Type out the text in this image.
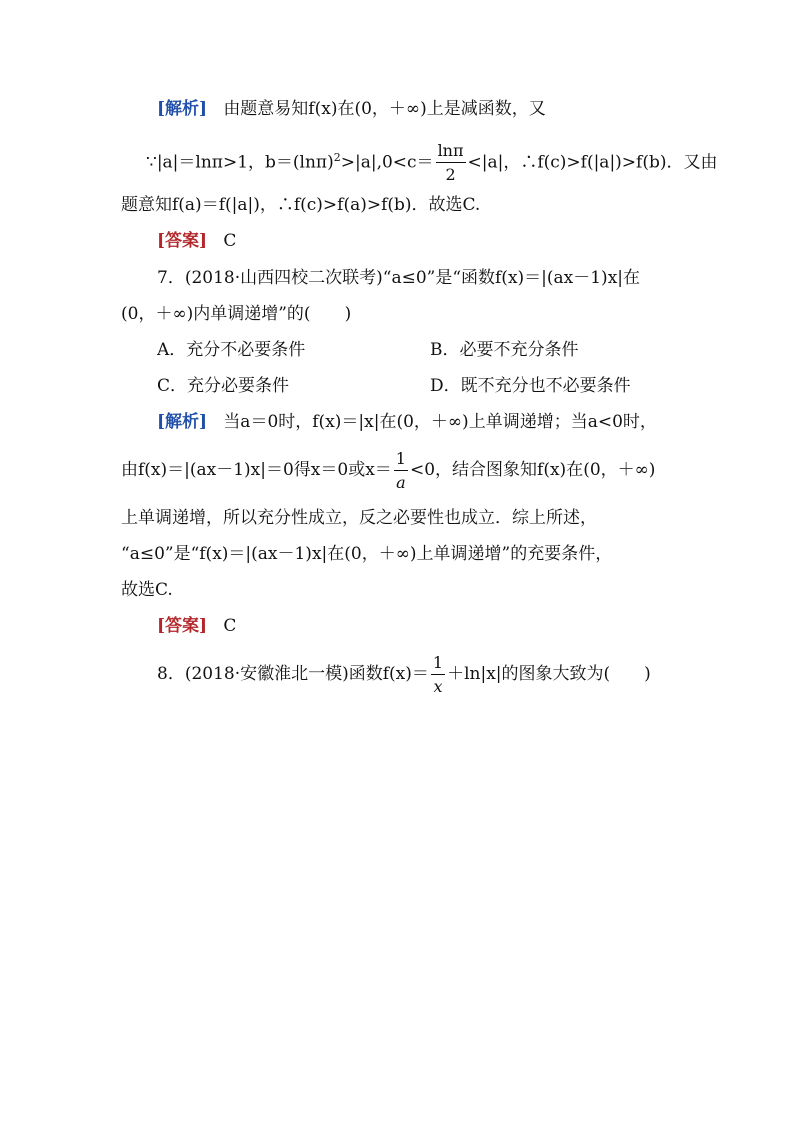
[解析] 由题意易知f(x)在(0，＋∞)上是减函数，又
∵|a|＝lnπ>1，$b=(\ln\pi)^2>|a|,0<c= \frac{\ln\pi}{2} <|a|$，∴f(c)>f(|a|)>f(b)．又由
题意知f(a)＝f(|a|)，∴f(c)>f(a)>f(b)．故选C.
[答案] C
7．(2018·山西四校二次联考)“a≤0”是“函数f(x)＝|(ax－1)x|在
(0，＋∞)内单调递增”的(　　)
A．充分不必要条件	B．必要不充分条件
C．充分必要条件	D．既不充分也不必要条件
[解析] 当a＝0时，f(x)＝|x|在(0，＋∞)上单调递增；当a<0时，
由f(x)＝|(ax－1)x|＝0得x＝0或$x= \frac{1}{a} <0$，结合图象知f(x)在(0，＋∞)
上单调递增，所以充分性成立，反之必要性也成立．综上所述，
“a≤0”是“f(x)＝|(ax－1)x|在(0，＋∞)上单调递增”的充要条件，
故选C.
[答案] C
8．(2018·安徽淮北一模)函数$f(x)= \frac{1}{x} +\ln|x|$的图象大致为(　　)
